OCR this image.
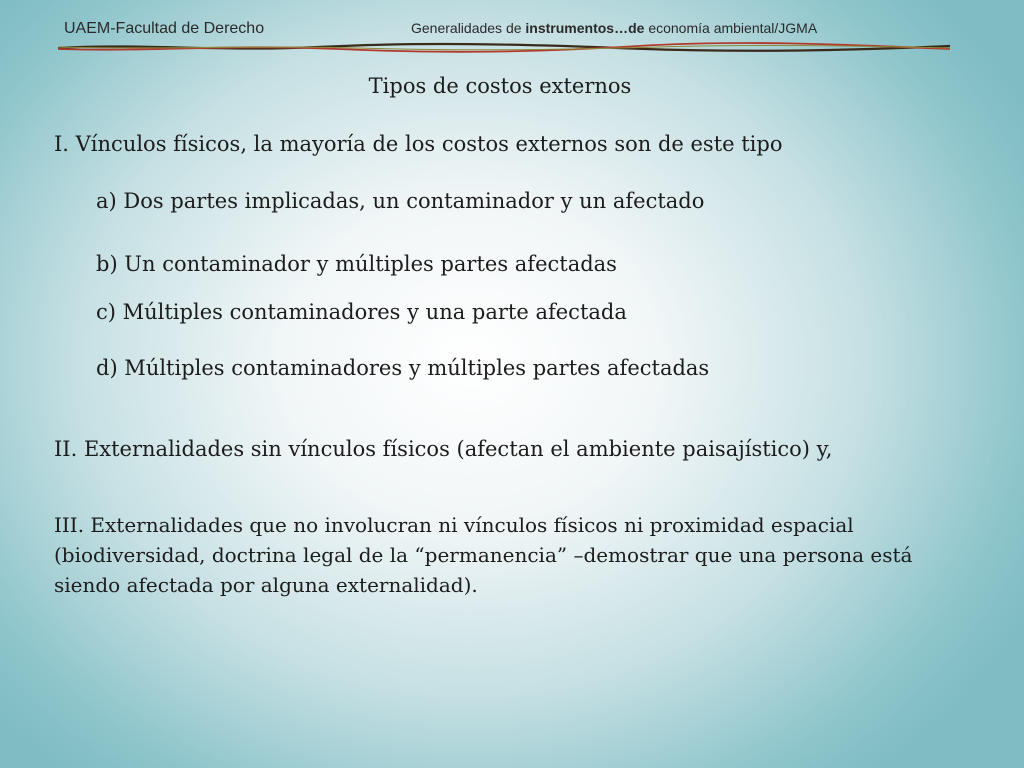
UAEM-Facultad de Derecho	Generalidades de instrumentos…de economía ambiental/JGMA
Tipos de costos externos
I. Vínculos físicos, la mayoría de los costos externos son de este tipo
a) Dos partes implicadas, un contaminador y un afectado
b) Un contaminador y múltiples partes afectadas
c) Múltiples contaminadores y una parte afectada
d) Múltiples contaminadores y múltiples partes afectadas
II. Externalidades sin vínculos físicos (afectan el ambiente paisajístico) y,
III. Externalidades que no involucran ni vínculos físicos ni proximidad espacial (biodiversidad, doctrina legal de la “permanencia” –demostrar que una persona está siendo afectada por alguna externalidad).
